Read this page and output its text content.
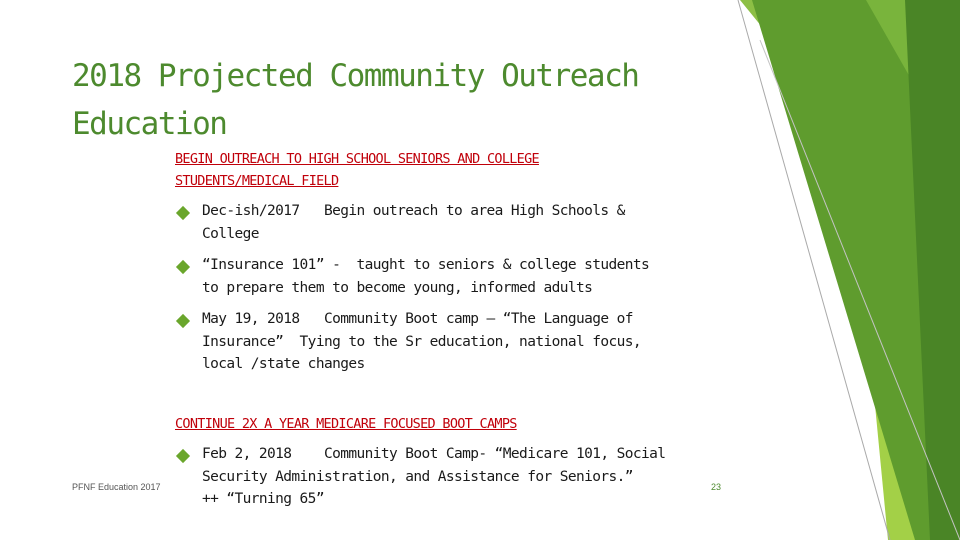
2018 Projected Community Outreach Education

BEGIN OUTREACH TO HIGH SCHOOL SENIORS AND COLLEGE STUDENTS/MEDICAL FIELD

Dec-ish/2017   Begin outreach to area High Schools & College

“Insurance 101” -  taught to seniors & college students to prepare them to become young, informed adults

May 19, 2018   Community Boot camp – “The Language of Insurance”  Tying to the Sr education, national focus, local /state changes

CONTINUE 2X A YEAR MEDICARE FOCUSED BOOT CAMPS

Feb 2, 2018    Community Boot Camp- “Medicare 101, Social Security Administration, and Assistance for Seniors.”    ++ “Turning 65”

PFNF Education 2017	23
